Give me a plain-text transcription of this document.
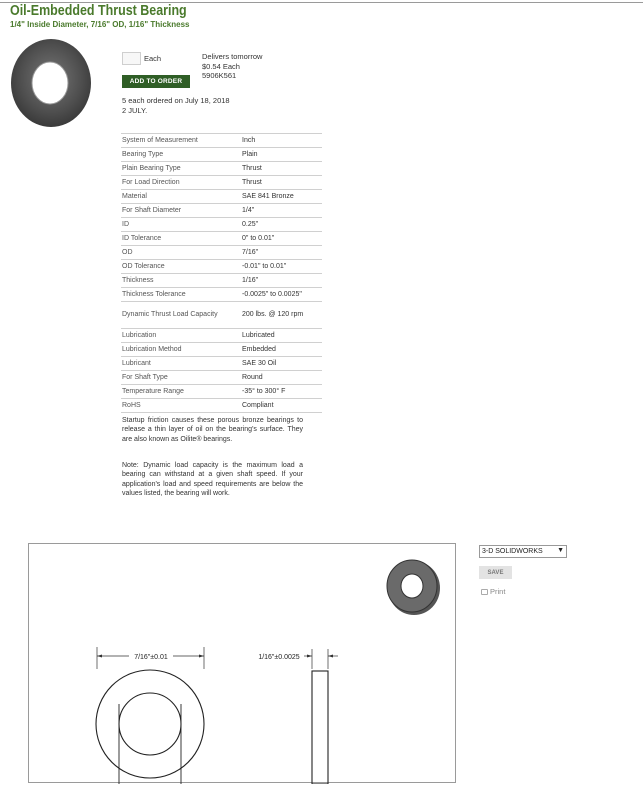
Oil-Embedded Thrust Bearing
1/4" Inside Diameter, 7/16" OD, 1/16" Thickness
Each	Delivers tomorrow
$0.54 Each
5906K561
ADD TO ORDER
5 each ordered on July 18, 2018
2 JULY.
System of Measurement	Inch
Bearing Type	Plain
Plain Bearing Type	Thrust
For Load Direction	Thrust
Material	SAE 841 Bronze
For Shaft Diameter	1/4"
ID	0.25"
ID Tolerance	0" to 0.01"
OD	7/16"
OD Tolerance	-0.01" to 0.01"
Thickness	1/16"
Thickness Tolerance	-0.0025" to 0.0025"
Dynamic Thrust Load Capacity	200 lbs. @ 120 rpm
Lubrication	Lubricated
Lubrication Method	Embedded
Lubricant	SAE 30 Oil
For Shaft Type	Round
Temperature Range	-35° to 300° F
RoHS	Compliant
Startup friction causes these porous bronze bearings to release a thin layer of oil on the bearing's surface. They are also known as Oilite® bearings.
Note: Dynamic load capacity is the maximum load a bearing can withstand at a given shaft speed. If your application's load and speed requirements are below the values listed, the bearing will work.
7/16"±0.01	1/16"±0.0025
3-D SOLIDWORKS ▼
SAVE
Print
